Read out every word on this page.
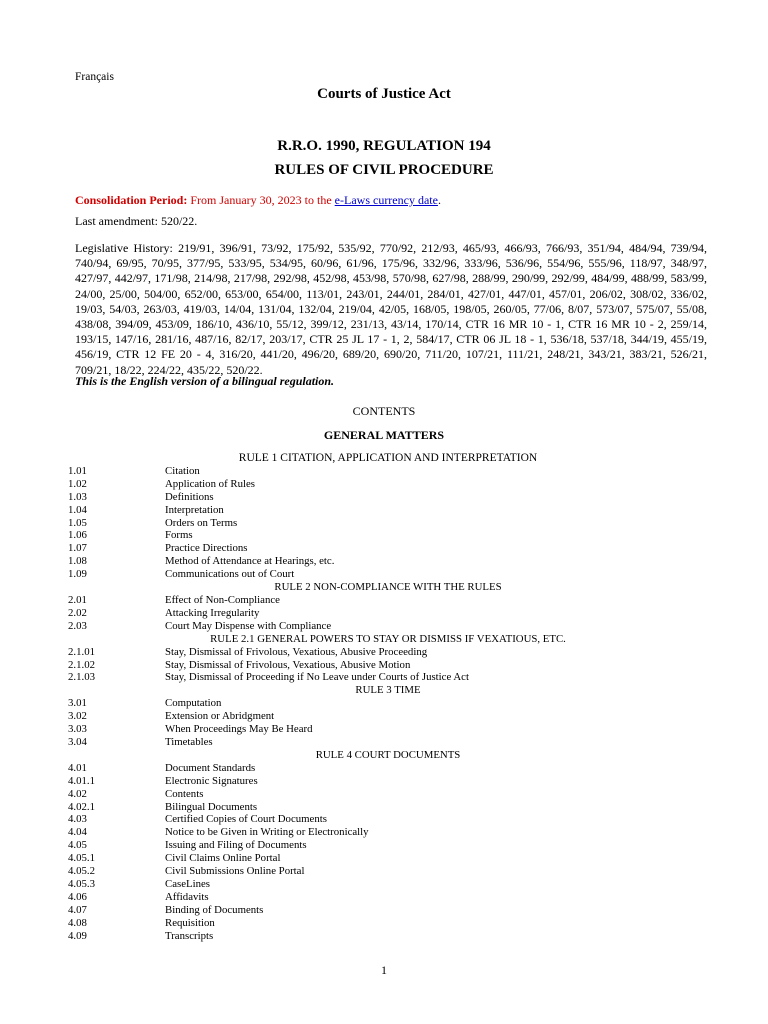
Français
Courts of Justice Act
R.R.O. 1990, REGULATION 194
RULES OF CIVIL PROCEDURE
Consolidation Period: From January 30, 2023 to the e-Laws currency date.
Last amendment: 520/22.
Legislative History: 219/91, 396/91, 73/92, 175/92, 535/92, 770/92, 212/93, 465/93, 466/93, 766/93, 351/94, 484/94, 739/94, 740/94, 69/95, 70/95, 377/95, 533/95, 534/95, 60/96, 61/96, 175/96, 332/96, 333/96, 536/96, 554/96, 555/96, 118/97, 348/97, 427/97, 442/97, 171/98, 214/98, 217/98, 292/98, 452/98, 453/98, 570/98, 627/98, 288/99, 290/99, 292/99, 484/99, 488/99, 583/99, 24/00, 25/00, 504/00, 652/00, 653/00, 654/00, 113/01, 243/01, 244/01, 284/01, 427/01, 447/01, 457/01, 206/02, 308/02, 336/02, 19/03, 54/03, 263/03, 419/03, 14/04, 131/04, 132/04, 219/04, 42/05, 168/05, 198/05, 260/05, 77/06, 8/07, 573/07, 575/07, 55/08, 438/08, 394/09, 453/09, 186/10, 436/10, 55/12, 399/12, 231/13, 43/14, 170/14, CTR 16 MR 10 - 1, CTR 16 MR 10 - 2, 259/14, 193/15, 147/16, 281/16, 487/16, 82/17, 203/17, CTR 25 JL 17 - 1, 2, 584/17, CTR 06 JL 18 - 1, 536/18, 537/18, 344/19, 455/19, 456/19, CTR 12 FE 20 - 4, 316/20, 441/20, 496/20, 689/20, 690/20, 711/20, 107/21, 111/21, 248/21, 343/21, 383/21, 526/21, 709/21, 18/22, 224/22, 435/22, 520/22.
This is the English version of a bilingual regulation.
CONTENTS
GENERAL MATTERS
RULE 1 CITATION, APPLICATION AND INTERPRETATION
1.01	Citation
1.02	Application of Rules
1.03	Definitions
1.04	Interpretation
1.05	Orders on Terms
1.06	Forms
1.07	Practice Directions
1.08	Method of Attendance at Hearings, etc.
1.09	Communications out of Court
RULE 2 NON-COMPLIANCE WITH THE RULES
2.01	Effect of Non-Compliance
2.02	Attacking Irregularity
2.03	Court May Dispense with Compliance
RULE 2.1 GENERAL POWERS TO STAY OR DISMISS IF VEXATIOUS, ETC.
2.1.01	Stay, Dismissal of Frivolous, Vexatious, Abusive Proceeding
2.1.02	Stay, Dismissal of Frivolous, Vexatious, Abusive Motion
2.1.03	Stay, Dismissal of Proceeding if No Leave under Courts of Justice Act
RULE 3 TIME
3.01	Computation
3.02	Extension or Abridgment
3.03	When Proceedings May Be Heard
3.04	Timetables
RULE 4 COURT DOCUMENTS
4.01	Document Standards
4.01.1	Electronic Signatures
4.02	Contents
4.02.1	Bilingual Documents
4.03	Certified Copies of Court Documents
4.04	Notice to be Given in Writing or Electronically
4.05	Issuing and Filing of Documents
4.05.1	Civil Claims Online Portal
4.05.2	Civil Submissions Online Portal
4.05.3	CaseLines
4.06	Affidavits
4.07	Binding of Documents
4.08	Requisition
4.09	Transcripts
1
